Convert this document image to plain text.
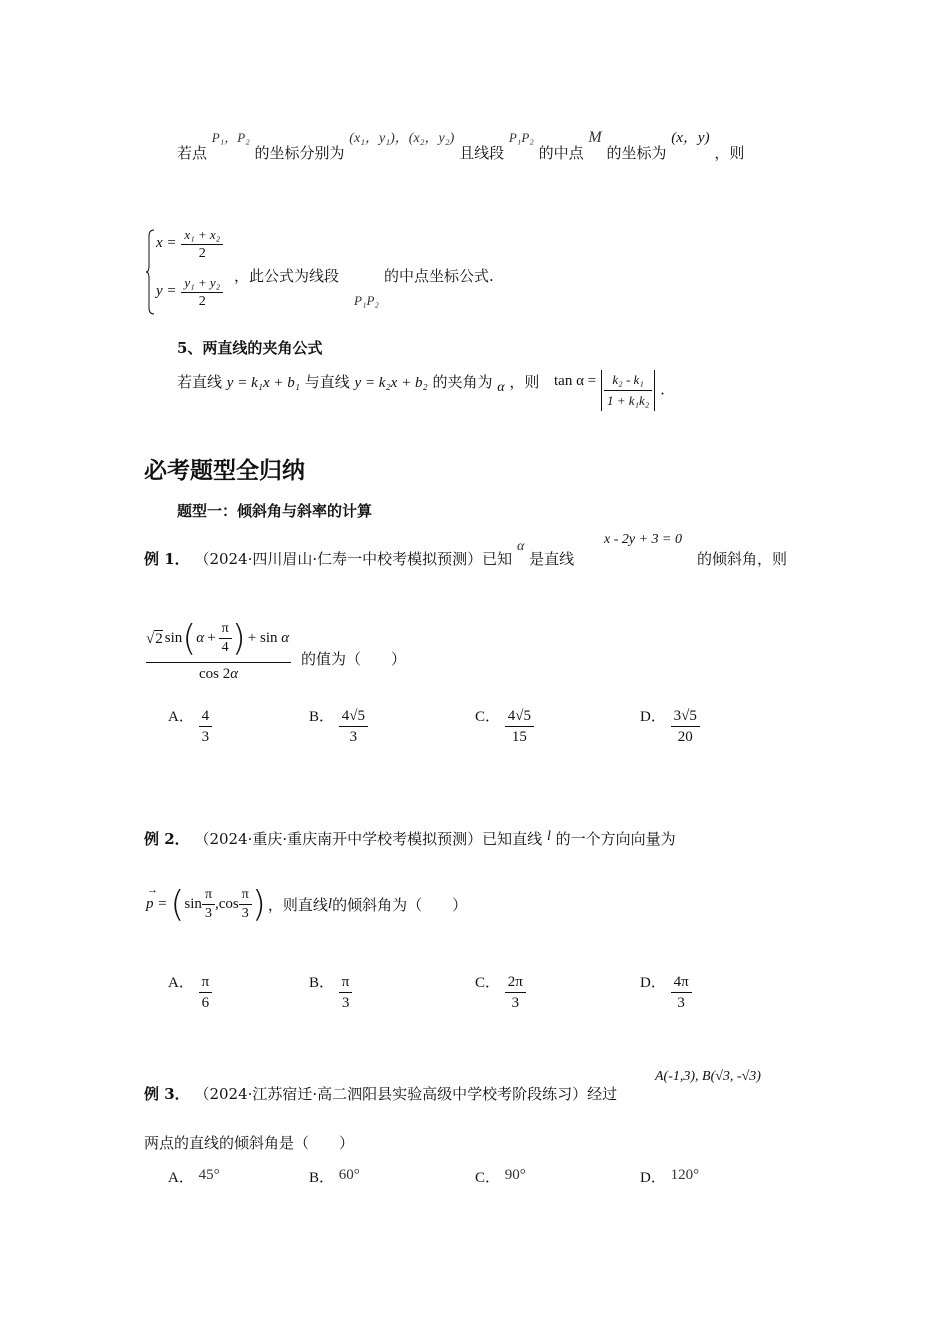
若点 P₁，P₂ 的坐标分别为 (x₁，y₁)，(x₂，y₂) 且线段 P₁P₂ 的中点 M 的坐标为 (x，y) ，则
$x = \frac{\text{x₁ + x₂}}{2}$
$y = \frac{\text{y₁ + y₂}}{2}$ ，此公式为线段	的中点坐标公式.
P₁P₂
5、两直线的夹角公式
若直线 y = k₁x + b₁ 与直线 y = k₂x + b₂ 的夹角为 α ，则 $\tan \alpha = \frac{\text{k₂ - k₁}}{\text{1 + k₁k₂}}$ .
必考题型全归纳
题型一：倾斜角与斜率的计算
例 1． （2024·四川眉山·仁寿一中校考模拟预测）已知 α 是直线
x - 2y + 3 = 0
的倾斜角，则
√2 sin ( $\alpha + \frac{\pi}{4}$ ) + sin α
cos 2α
的值为（　　）
A． $\frac{4}{3}$	B． $\frac{4√5}{3}$	C． $\frac{4√5}{15}$	D． $\frac{3√5}{20}$
例 2． （2024·重庆·重庆南开中学校考模拟预测）已知直线 l 的一个方向向量为
→
p = ( $\sin \frac{\pi}{3}$ , $\cos \frac{\pi}{3}$ ) ，则直线 l 的倾斜角为（　　）
A． $\frac{\pi}{6}$	B． $\frac{\pi}{3}$	C． $\frac{2\pi}{3}$	D． $\frac{4\pi}{3}$
例 3． （2024·江苏宿迁·高二泗阳县实验高级中学校考阶段练习）经过
A(-1,3), B(√3, -√3)
两点的直线的倾斜角是（　　）
A． 45°	B． 60°	C． 90°	D． 120°
